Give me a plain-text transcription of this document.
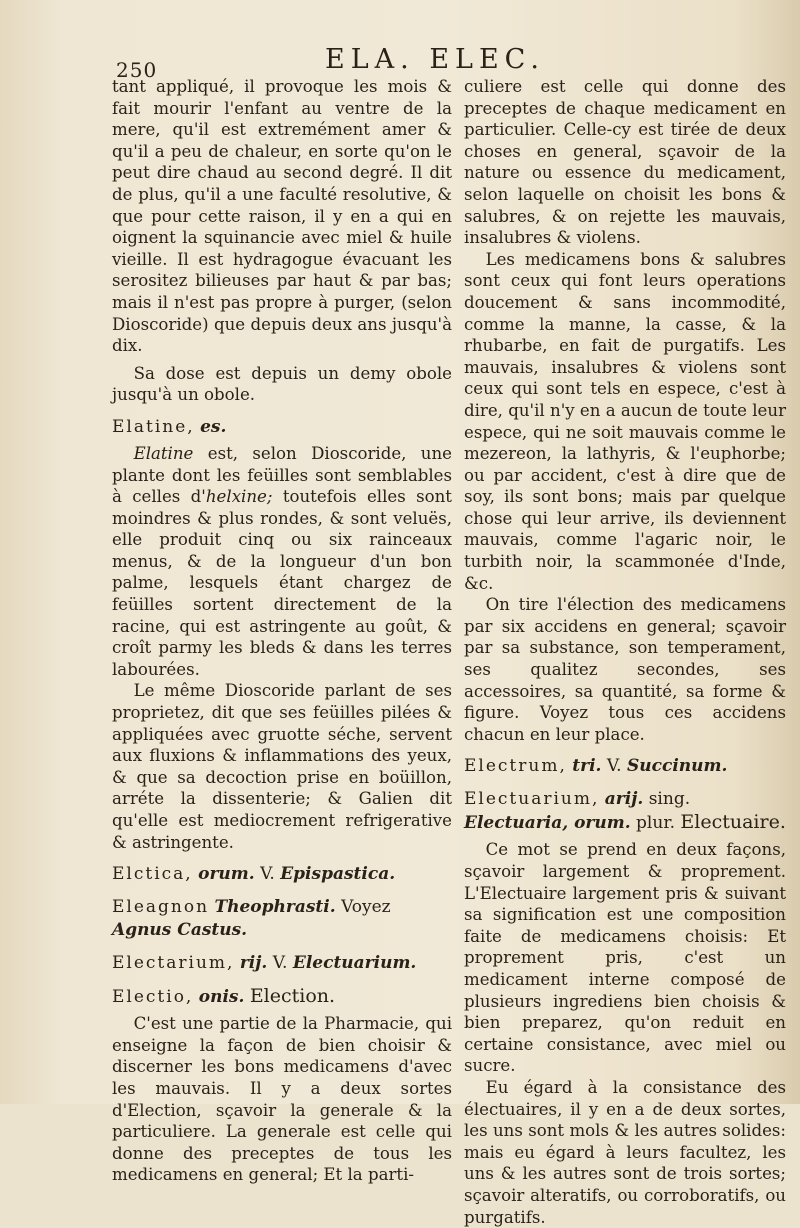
250	ELA. ELEC.

tant appliqué, il provoque les mois & fait mourir l'enfant au ventre de la mere, qu'il est extremément amer & qu'il a peu de chaleur, en sorte qu'on le peut dire chaud au second degré. Il dit de plus, qu'il a une faculté resolutive, & que pour cette raison, il y en a qui en oignent la squinancie avec miel & huile vieille. Il est hydragogue évacuant les serositez bilieuses par haut & par bas; mais il n'est pas propre à purger, (selon Dioscoride) que depuis deux ans jusqu'à dix.

Sa dose est depuis un demy obole jusqu'à un obole.

Elatine, es.

Elatine est, selon Dioscoride, une plante dont les feüilles sont semblables à celles d'helxine; toutefois elles sont moindres & plus rondes, & sont veluës, elle produit cinq ou six rainceaux menus, & de la longueur d'un bon palme, lesquels étant chargez de feüilles sortent directement de la racine, qui est astringente au goût, & croît parmy les bleds & dans les terres labourées.

Le même Dioscoride parlant de ses proprietez, dit que ses feüilles pilées & appliquées avec gruotte séche, servent aux fluxions & inflammations des yeux, & que sa decoction prise en boüillon, arréte la dissenterie; & Galien dit qu'elle est mediocrement refrigerative & astringente.

Elctica, orum. V. Epispastica.

Eleagnon Theophrasti. Voyez
Agnus Castus.

Electarium, rij. V. Electuarium.

Electio, onis. Election.

C'est une partie de la Pharmacie, qui enseigne la façon de bien choisir & discerner les bons medicamens d'avec les mauvais. Il y a deux sortes d'Election, sçavoir la generale & la particuliere. La generale est celle qui donne des preceptes de tous les medicamens en general; Et la parti-

culiere est celle qui donne des preceptes de chaque medicament en particulier. Celle-cy est tirée de deux choses en general, sçavoir de la nature ou essence du medicament, selon laquelle on choisit les bons & salubres, & on rejette les mauvais, insalubres & violens.

Les medicamens bons & salubres sont ceux qui font leurs operations doucement & sans incommodité, comme la manne, la casse, & la rhubarbe, en fait de purgatifs. Les mauvais, insalubres & violens sont ceux qui sont tels en espece, c'est à dire, qu'il n'y en a aucun de toute leur espece, qui ne soit mauvais comme le mezereon, la lathyris, & l'euphorbe; ou par accident, c'est à dire que de soy, ils sont bons; mais par quelque chose qui leur arrive, ils deviennent mauvais, comme l'agaric noir, le turbith noir, la scammonée d'Inde, &c.

On tire l'élection des medicamens par six accidens en general; sçavoir par sa substance, son temperament, ses qualitez secondes, ses accessoires, sa quantité, sa forme & figure. Voyez tous ces accidens chacun en leur place.

Electrum, tri. V. Succinum.

Electuarium, arij. sing. Electuaria, orum. plur. Electuaire.

Ce mot se prend en deux façons, sçavoir largement & proprement. L'Electuaire largement pris & suivant sa signification est une composition faite de medicamens choisis: Et proprement pris, c'est un medicament interne composé de plusieurs ingrediens bien choisis & bien preparez, qu'on reduit en certaine consistance, avec miel ou sucre.

Eu égard à la consistance des électuaires, il y en a de deux sortes, les uns sont mols & les autres solides: mais eu égard à leurs facultez, les uns & les autres sont de trois sortes; sçavoir alteratifs, ou corroboratifs, ou purgatifs.
